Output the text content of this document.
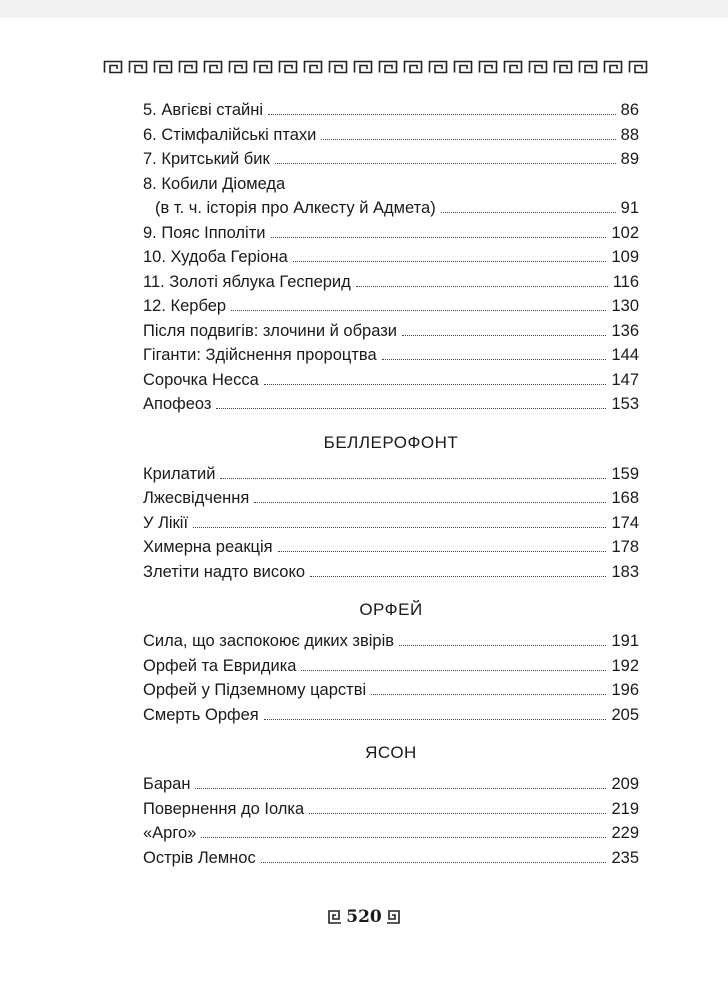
5. Авгієві стайні	86
6. Стімфалійські птахи	88
7. Критський бик	89
8. Кобили Діомеда
(в т. ч. історія про Алкесту й Адмета)	91
9. Пояс Іпполіти	102
10. Худоба Геріона	109
11. Золоті яблука Гесперид	116
12. Кербер	130
Після подвигів: злочини й образи	136
Гіганти: Здійснення пророцтва	144
Сорочка Несса	147
Апофеоз	153
БЕЛЛЕРОФОНТ
Крилатий	159
Лжесвідчення	168
У Лікії	174
Химерна реакція	178
Злетіти надто високо	183
ОРФЕЙ
Сила, що заспокоює диких звірів	191
Орфей та Евридика	192
Орфей у Підземному царстві	196
Смерть Орфея	205
ЯСОН
Баран	209
Повернення до Іолка	219
«Арго»	229
Острів Лемнос	235
520
